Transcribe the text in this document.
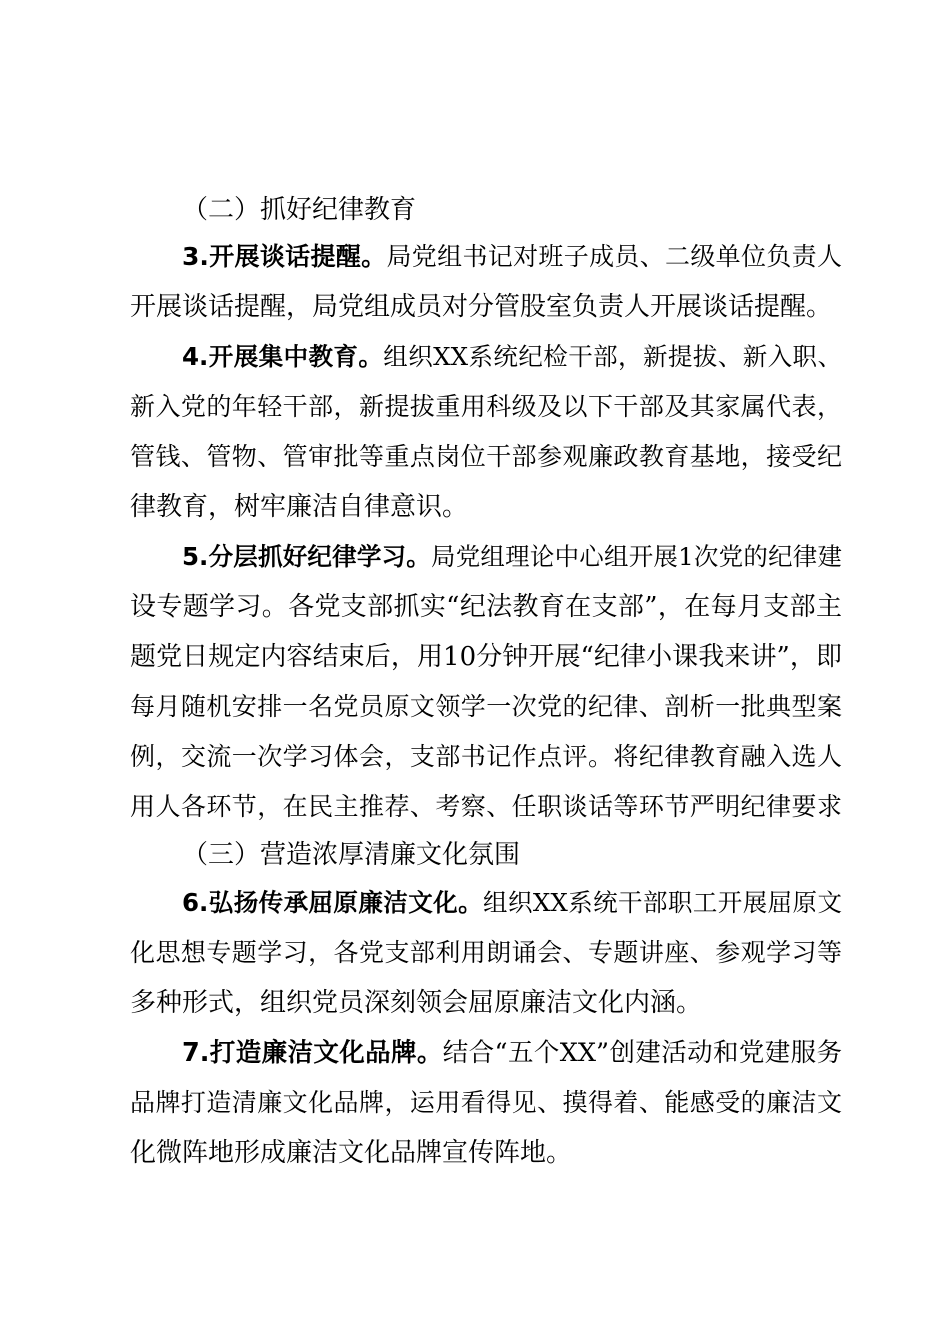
（二）抓好纪律教育
3.开展谈话提醒。局党组书记对班子成员、二级单位负责人
开展谈话提醒，局党组成员对分管股室负责人开展谈话提醒。
4.开展集中教育。组织XX系统纪检干部，新提拔、新入职、
新入党的年轻干部，新提拔重用科级及以下干部及其家属代表，
管钱、管物、管审批等重点岗位干部参观廉政教育基地，接受纪
律教育，树牢廉洁自律意识。
5.分层抓好纪律学习。局党组理论中心组开展1次党的纪律建
设专题学习。各党支部抓实“纪法教育在支部”，在每月支部主
题党日规定内容结束后，用10分钟开展“纪律小课我来讲”，即
每月随机安排一名党员原文领学一次党的纪律、剖析一批典型案
例，交流一次学习体会，支部书记作点评。将纪律教育融入选人
用人各环节，在民主推荐、考察、任职谈话等环节严明纪律要求
（三）营造浓厚清廉文化氛围
6.弘扬传承屈原廉洁文化。组织XX系统干部职工开展屈原文
化思想专题学习，各党支部利用朗诵会、专题讲座、参观学习等
多种形式，组织党员深刻领会屈原廉洁文化内涵。
7.打造廉洁文化品牌。结合“五个XX”创建活动和党建服务
品牌打造清廉文化品牌，运用看得见、摸得着、能感受的廉洁文
化微阵地形成廉洁文化品牌宣传阵地。
